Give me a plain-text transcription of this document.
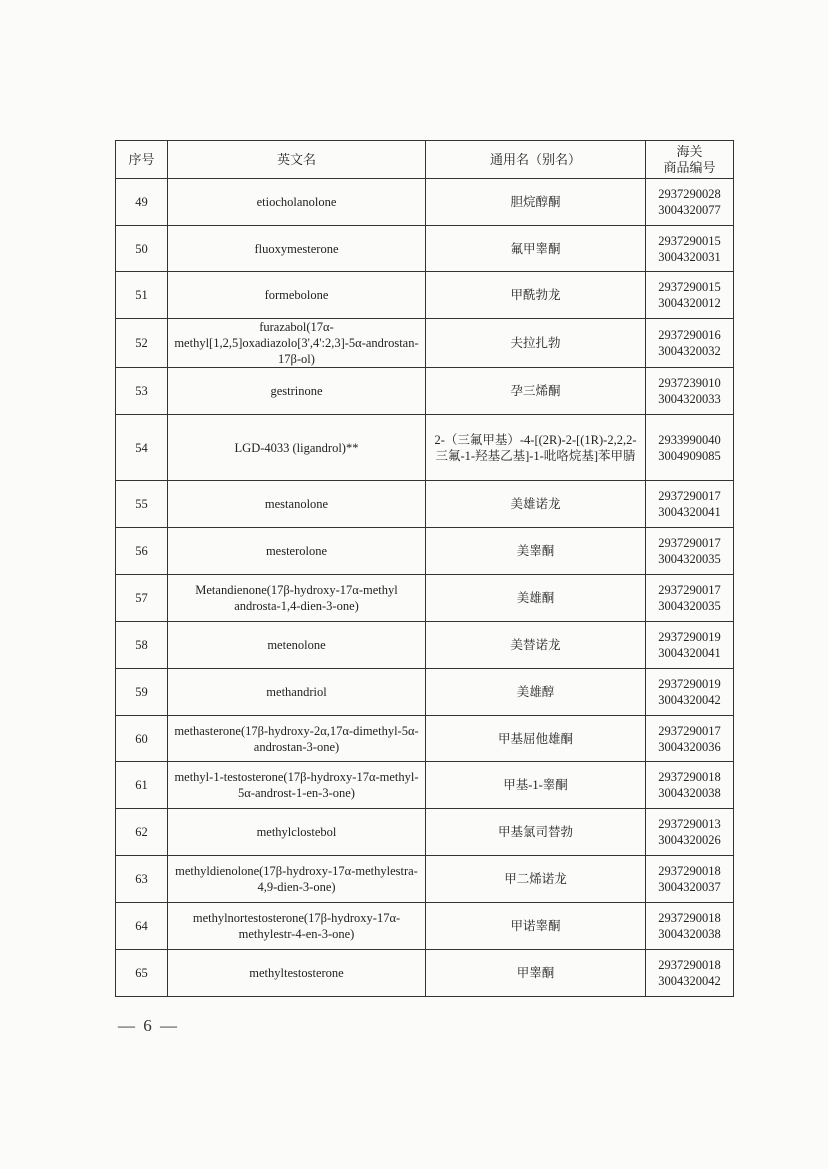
序号	英文名	通用名（别名）	海关
商品编号

49	etiocholanolone	胆烷醇酮	2937290028
3004320077

50	fluoxymesterone	氟甲睾酮	2937290015
3004320031

51	formebolone	甲酰勃龙	2937290015
3004320012

52	furazabol(17α-methyl[1,2,5]oxadiazolo[3',4':2,3]-5α-androstan-17β-ol)	夫拉扎勃	2937290016
3004320032

53	gestrinone	孕三烯酮	2937239010
3004320033

54	LGD-4033 (ligandrol)**	2-（三氟甲基）-4-[(2R)-2-[(1R)-2,2,2-三氟-1-羟基乙基]-1-吡咯烷基]苯甲腈	2933990040
3004909085

55	mestanolone	美雄诺龙	2937290017
3004320041

56	mesterolone	美睾酮	2937290017
3004320035

57	Metandienone(17β-hydroxy-17α-methyl androsta-1,4-dien-3-one)	美雄酮	2937290017
3004320035

58	metenolone	美替诺龙	2937290019
3004320041

59	methandriol	美雄醇	2937290019
3004320042

60	methasterone(17β-hydroxy-2α,17α-dimethyl-5α-androstan-3-one)	甲基屈他雄酮	2937290017
3004320036

61	methyl-1-testosterone(17β-hydroxy-17α-methyl-5α-androst-1-en-3-one)	甲基-1-睾酮	2937290018
3004320038

62	methylclostebol	甲基氯司替勃	2937290013
3004320026

63	methyldienolone(17β-hydroxy-17α-methylestra-4,9-dien-3-one)	甲二烯诺龙	2937290018
3004320037

64	methylnortestosterone(17β-hydroxy-17α-methylestr-4-en-3-one)	甲诺睾酮	2937290018
3004320038

65	methyltestosterone	甲睾酮	2937290018
3004320042
— 6 —
